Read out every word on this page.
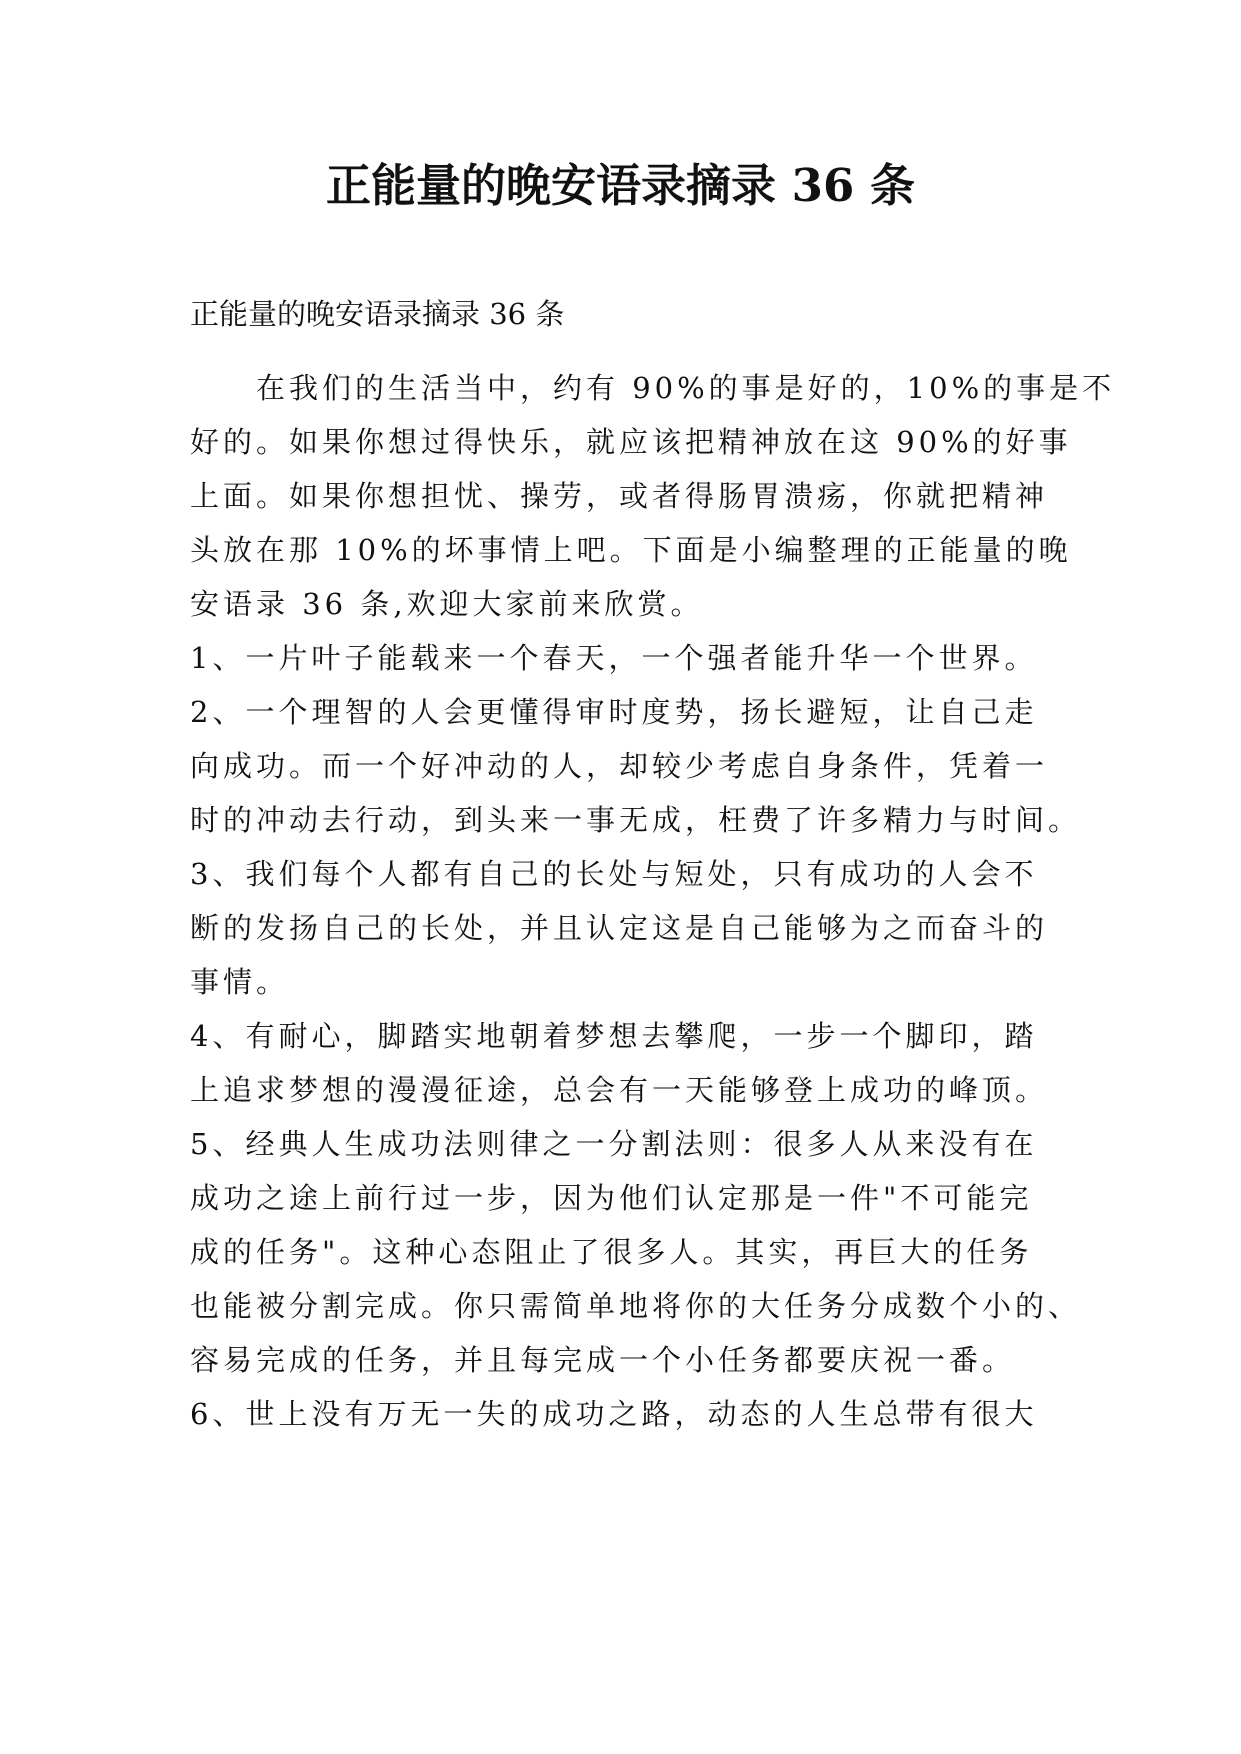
正能量的晚安语录摘录 36 条
正能量的晚安语录摘录 36 条
　　在我们的生活当中，约有 90%的事是好的，10%的事是不
好的。如果你想过得快乐，就应该把精神放在这 90%的好事
上面。如果你想担忧、操劳，或者得肠胃溃疡，你就把精神
头放在那 10%的坏事情上吧。下面是小编整理的正能量的晚
安语录 36 条,欢迎大家前来欣赏。
1、一片叶子能载来一个春天，一个强者能升华一个世界。
2、一个理智的人会更懂得审时度势，扬长避短，让自己走
向成功。而一个好冲动的人，却较少考虑自身条件，凭着一
时的冲动去行动，到头来一事无成，枉费了许多精力与时间。
3、我们每个人都有自己的长处与短处，只有成功的人会不
断的发扬自己的长处，并且认定这是自己能够为之而奋斗的
事情。
4、有耐心，脚踏实地朝着梦想去攀爬，一步一个脚印，踏
上追求梦想的漫漫征途，总会有一天能够登上成功的峰顶。
5、经典人生成功法则律之一分割法则：很多人从来没有在
成功之途上前行过一步，因为他们认定那是一件"不可能完
成的任务"。这种心态阻止了很多人。其实，再巨大的任务
也能被分割完成。你只需简单地将你的大任务分成数个小的、
容易完成的任务，并且每完成一个小任务都要庆祝一番。
6、世上没有万无一失的成功之路，动态的人生总带有很大
